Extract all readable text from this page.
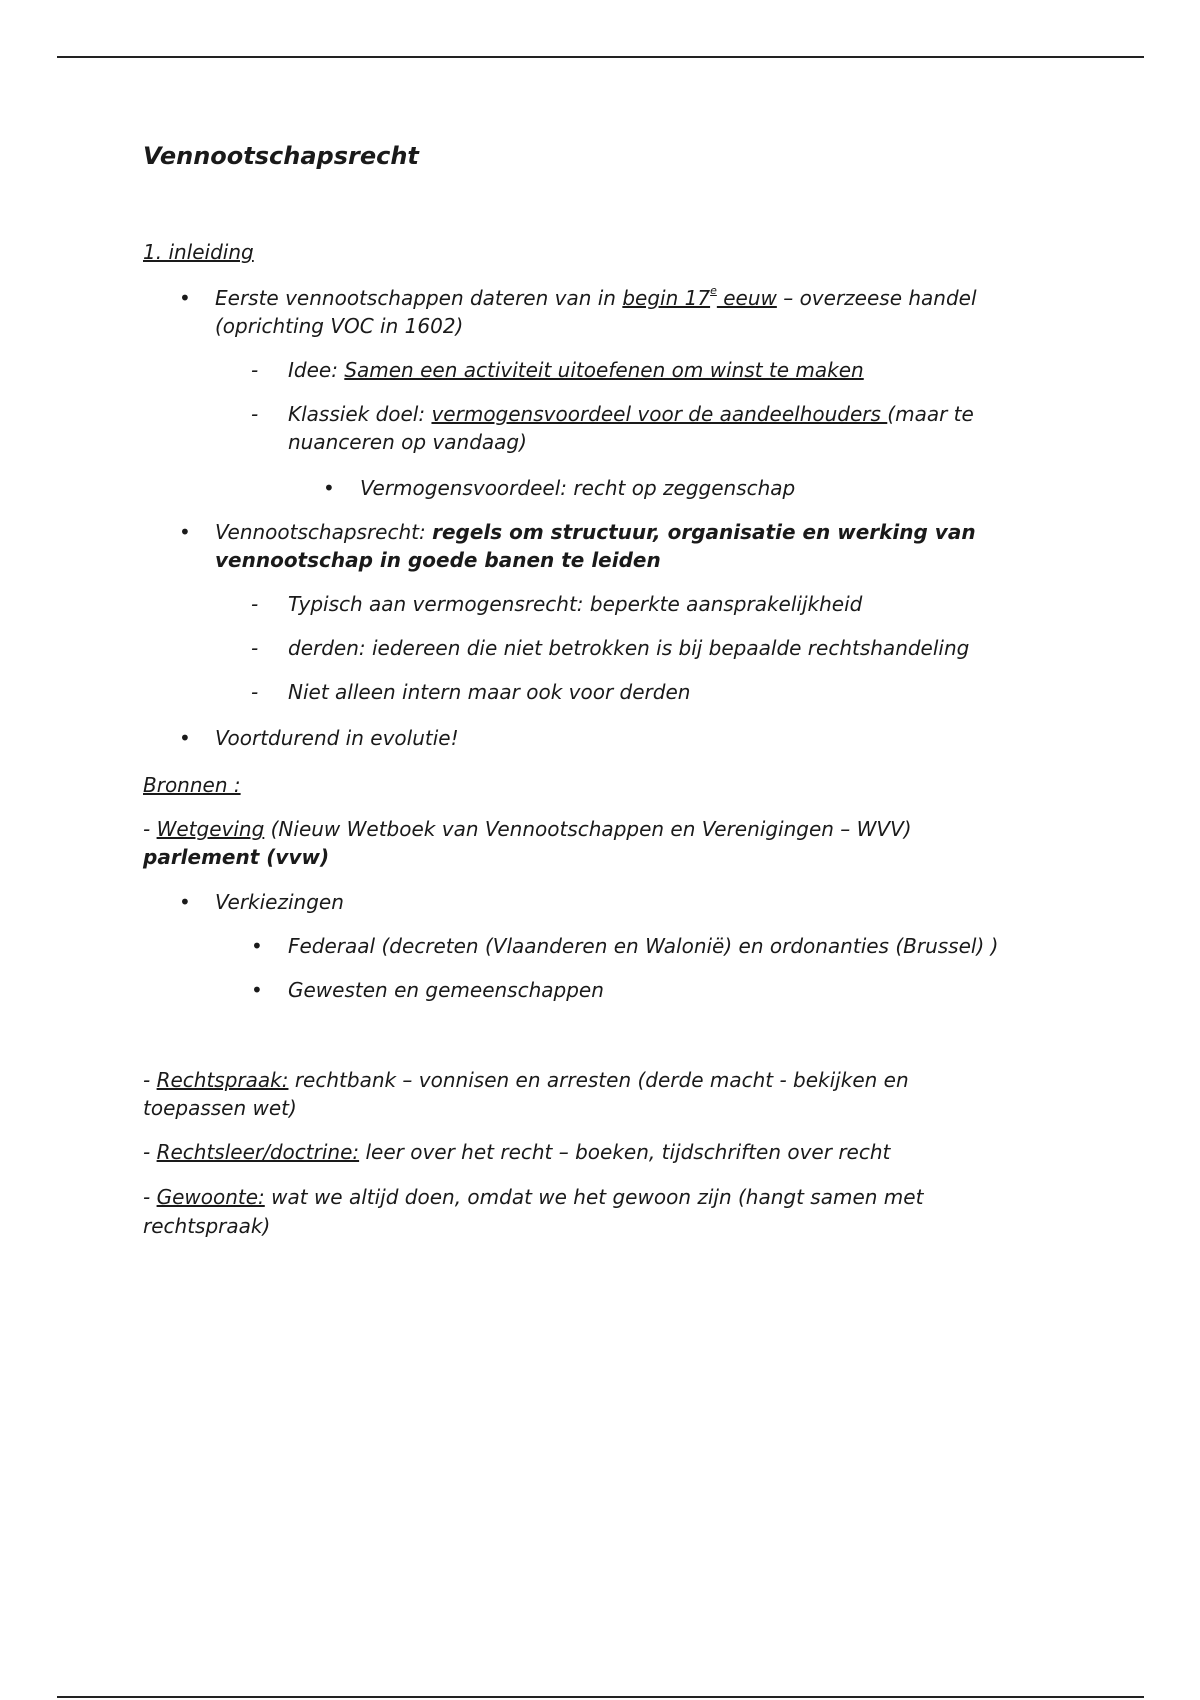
Vennootschapsrecht
1. inleiding
• Eerste vennootschappen dateren van in begin 17e eeuw – overzeese handel
(oprichting VOC in 1602)
- Idee: Samen een activiteit uitoefenen om winst te maken
- Klassiek doel: vermogensvoordeel voor de aandeelhouders (maar te
nuanceren op vandaag)
• Vermogensvoordeel: recht op zeggenschap
• Vennootschapsrecht: regels om structuur, organisatie en werking van
vennootschap in goede banen te leiden
- Typisch aan vermogensrecht: beperkte aansprakelijkheid
- derden: iedereen die niet betrokken is bij bepaalde rechtshandeling
- Niet alleen intern maar ook voor derden
• Voortdurend in evolutie!
Bronnen :
- Wetgeving (Nieuw Wetboek van Vennootschappen en Verenigingen – WVV)
parlement (vvw)
• Verkiezingen
• Federaal (decreten (Vlaanderen en Walonië) en ordonanties (Brussel) )
• Gewesten en gemeenschappen
- Rechtspraak: rechtbank – vonnisen en arresten (derde macht - bekijken en
toepassen wet)
- Rechtsleer/doctrine: leer over het recht – boeken, tijdschriften over recht
- Gewoonte: wat we altijd doen, omdat we het gewoon zijn (hangt samen met
rechtspraak)
